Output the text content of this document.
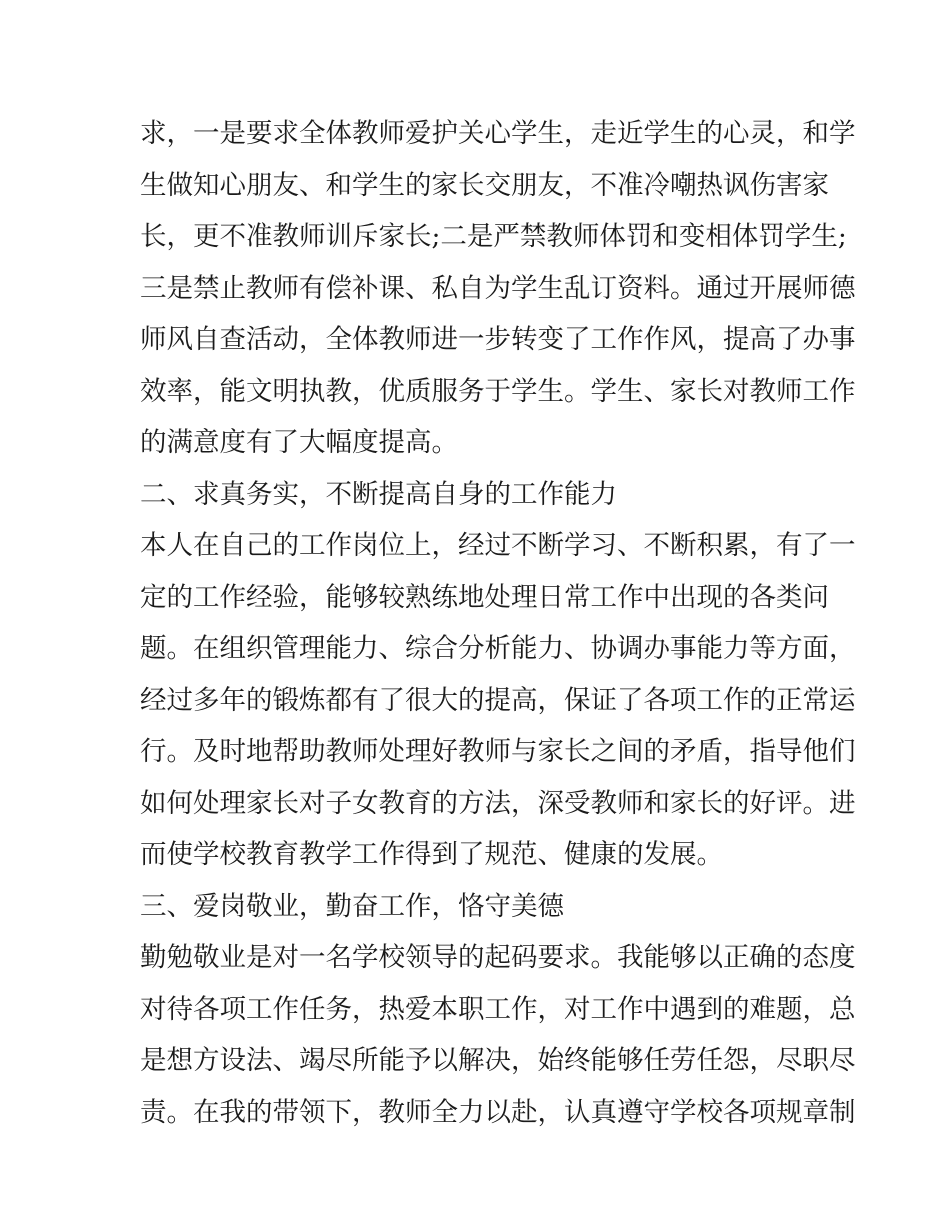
求，一是要求全体教师爱护关心学生，走近学生的心灵，和学
生做知心朋友、和学生的家长交朋友，不准冷嘲热讽伤害家
长，更不准教师训斥家长;二是严禁教师体罚和变相体罚学生;
三是禁止教师有偿补课、私自为学生乱订资料。通过开展师德
师风自查活动，全体教师进一步转变了工作作风，提高了办事
效率，能文明执教，优质服务于学生。学生、家长对教师工作
的满意度有了大幅度提高。
二、求真务实，不断提高自身的工作能力
本人在自己的工作岗位上，经过不断学习、不断积累，有了一
定的工作经验，能够较熟练地处理日常工作中出现的各类问
题。在组织管理能力、综合分析能力、协调办事能力等方面，
经过多年的锻炼都有了很大的提高，保证了各项工作的正常运
行。及时地帮助教师处理好教师与家长之间的矛盾，指导他们
如何处理家长对子女教育的方法，深受教师和家长的好评。进
而使学校教育教学工作得到了规范、健康的发展。
三、爱岗敬业，勤奋工作，恪守美德
勤勉敬业是对一名学校领导的起码要求。我能够以正确的态度
对待各项工作任务，热爱本职工作，对工作中遇到的难题，总
是想方设法、竭尽所能予以解决，始终能够任劳任怨，尽职尽
责。在我的带领下，教师全力以赴，认真遵守学校各项规章制
